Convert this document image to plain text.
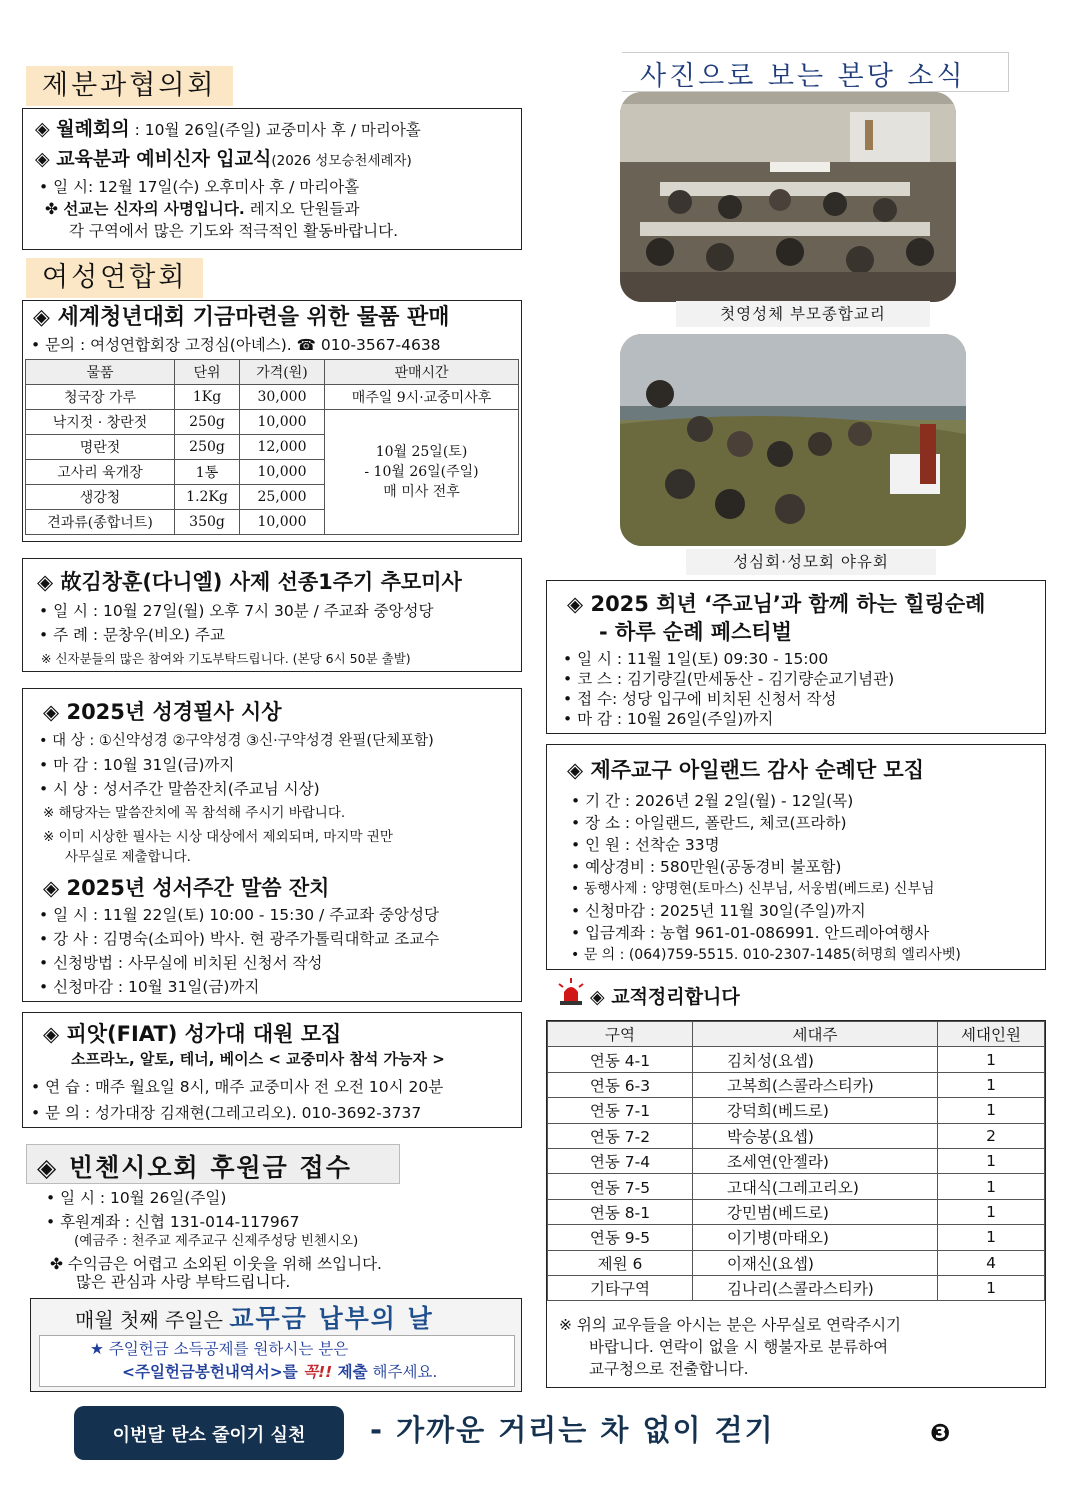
사진으로 보는 본당 소식
첫영성체 부모종합교리
성심회·성모회 야유회
제분과협의회
◈ 월례회의 : 10월 26일(주일) 교중미사 후 / 마리아홀
◈ 교육분과 예비신자 입교식(2026 성모승천세례자)
• 일 시: 12월 17일(수) 오후미사 후 / 마리아홀
✤ 선교는 신자의 사명입니다. 레지오 단원들과
각 구역에서 많은 기도와 적극적인 활동바랍니다.
여성연합회
◈ 세계청년대회 기금마련을 위한 물품 판매
• 문의 : 여성연합회장 고정심(아녜스). ☎ 010-3567-4638
물품	단위	가격(원)	판매시간
청국장 가루	1Kg	30,000	매주일 9시·교중미사후
낙지젓 · 창란젓	250g	10,000	10월 25일(토)
- 10월 26일(주일)
매 미사 전후

명란젓	250g	12,000	
고사리 육개장	1통	10,000	
생강청	1.2Kg	25,000	
견과류(종합너트)	350g	10,000	
◈ 故김창훈(다니엘) 사제 선종1주기 추모미사
• 일 시 : 10월 27일(월) 오후 7시 30분 / 주교좌 중앙성당
• 주 례 : 문창우(비오) 주교
※ 신자분들의 많은 참여와 기도부탁드립니다. (본당 6시 50분 출발)
◈ 2025년 성경필사 시상
• 대 상 : ①신약성경 ②구약성경 ③신·구약성경 완필(단체포함)
• 마 감 : 10월 31일(금)까지
• 시 상 : 성서주간 말씀잔치(주교님 시상)
※ 해당자는 말씀잔치에 꼭 참석해 주시기 바랍니다.
※ 이미 시상한 필사는 시상 대상에서 제외되며, 마지막 권만
사무실로 제출합니다.
◈ 2025년 성서주간 말씀 잔치
• 일 시 : 11월 22일(토) 10:00 - 15:30 / 주교좌 중앙성당
• 강 사 : 김명숙(소피아) 박사. 현 광주가톨릭대학교 조교수
• 신청방법 : 사무실에 비치된 신청서 작성
• 신청마감 : 10월 31일(금)까지
◈ 피앗(FIAT) 성가대 대원 모집
소프라노, 알토, 테너, 베이스 < 교중미사 참석 가능자 >
• 연 습 : 매주 월요일 8시, 매주 교중미사 전 오전 10시 20분
• 문 의 : 성가대장 김재현(그레고리오). 010-3692-3737
◈ 빈첸시오회 후원금 접수
• 일 시 : 10월 26일(주일)
• 후원계좌 : 신협 131-014-117967
(예금주 : 천주교 제주교구 신제주성당 빈첸시오)
✤ 수익금은 어렵고 소외된 이웃을 위해 쓰입니다.
많은 관심과 사랑 부탁드립니다.
매월 첫째 주일은 교무금 납부의 날
★ 주일헌금 소득공제를 원하시는 분은
<주일헌금봉헌내역서>를 꼭!! 제출 해주세요.
◈ 2025 희년 ‘주교님’과 함께 하는 힐링순례
- 하루 순례 페스티벌
• 일 시 : 11월 1일(토) 09:30 - 15:00
• 코 스 : 김기량길(만세동산 - 김기량순교기념관)
• 접 수: 성당 입구에 비치된 신청서 작성
• 마 감 : 10월 26일(주일)까지
◈ 제주교구 아일랜드 감사 순례단 모집
• 기 간 : 2026년 2월 2일(월) - 12일(목)
• 장 소 : 아일랜드, 폴란드, 체코(프라하)
• 인 원 : 선착순 33명
• 예상경비 : 580만원(공동경비 불포함)
• 동행사제 : 양명현(토마스) 신부님, 서웅범(베드로) 신부님
• 신청마감 : 2025년 11월 30일(주일)까지
• 입금계좌 : 농협 961-01-086991. 안드레아여행사
• 문 의 : (064)759-5515. 010-2307-1485(허명희 엘리사벳)
◈ 교적정리합니다
구역	세대주	세대인원
연동 4-1	김치성(요셉)	1
연동 6-3	고복희(스콜라스티카)	1
연동 7-1	강덕희(베드로)	1
연동 7-2	박승봉(요셉)	2
연동 7-4	조세연(안젤라)	1
연동 7-5	고대식(그레고리오)	1
연동 8-1	강민범(베드로)	1
연동 9-5	이기병(마태오)	1
제원 6	이재신(요셉)	4
기타구역	김나리(스콜라스티카)	1
※ 위의 교우들을 아시는 분은 사무실로 연락주시기
바랍니다. 연락이 없을 시 행불자로 분류하여
교구청으로 전출합니다.
이번달 탄소 줄이기 실천	- 가까운 거리는 차 없이 걷기	❸
